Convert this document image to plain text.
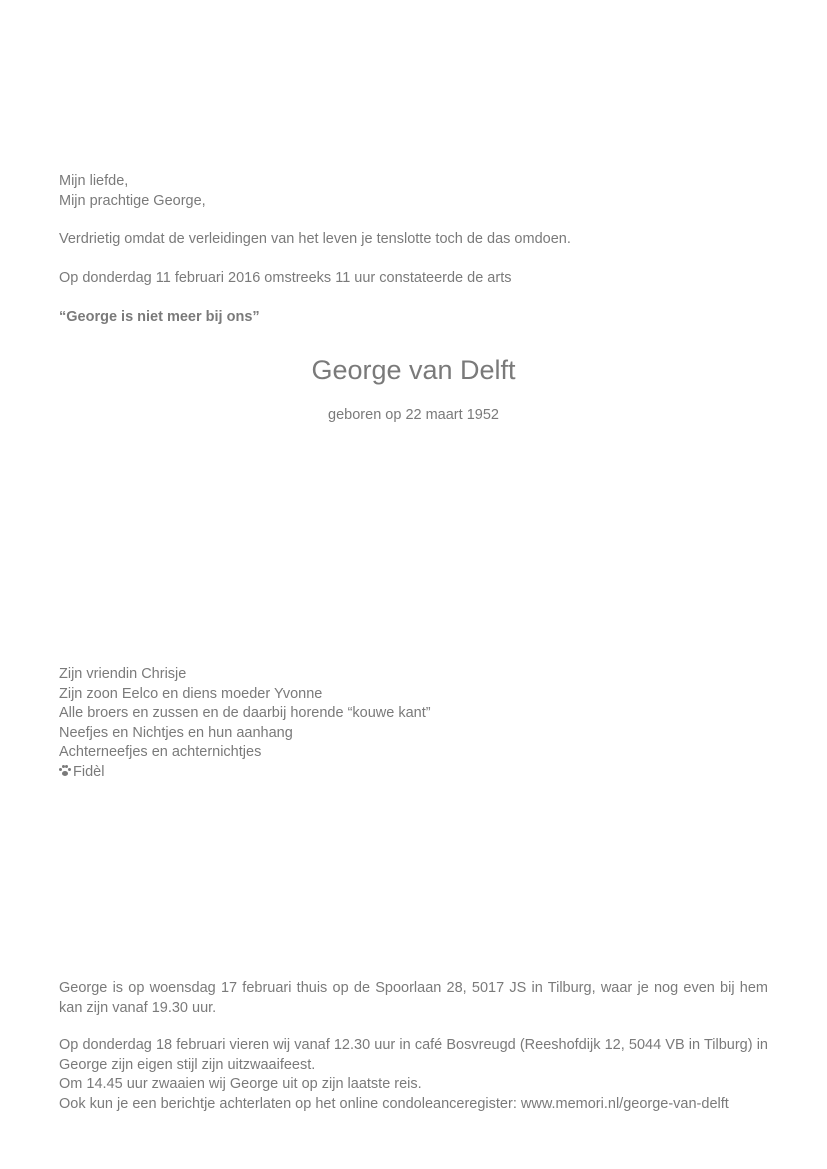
Mijn liefde,
Mijn prachtige George,
Verdrietig omdat de verleidingen van het leven je tenslotte toch de das omdoen.
Op donderdag 11 februari 2016 omstreeks 11 uur constateerde de arts
“George is niet meer bij ons”
George van Delft
geboren op 22 maart 1952
Zijn vriendin Chrisje
Zijn zoon Eelco en diens moeder Yvonne
Alle broers en zussen en de daarbij horende “kouwe kant”
Neefjes en Nichtjes en hun aanhang
Achterneefjes en achternichtjes
Fidèl
George is op woensdag 17 februari thuis op de Spoorlaan 28, 5017 JS in Tilburg, waar je nog even bij hem kan zijn vanaf 19.30 uur.
Op donderdag 18 februari vieren wij vanaf 12.30 uur in café Bosvreugd (Reeshofdijk 12, 5044 VB in Tilburg) in George zijn eigen stijl zijn uitzwaaifeest.
Om 14.45 uur zwaaien wij George uit op zijn laatste reis.
Ook kun je een berichtje achterlaten op het online condoleanceregister: www.memori.nl/george-van-delft
